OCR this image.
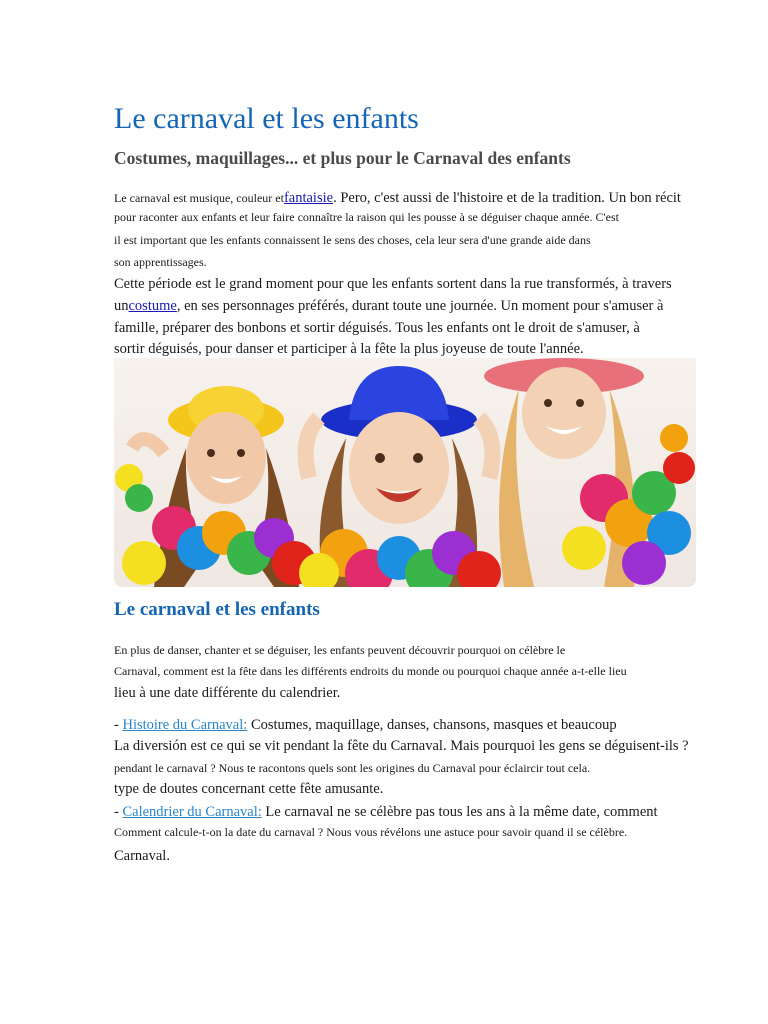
Le carnaval et les enfants
Costumes, maquillages... et plus pour le Carnaval des enfants
Le carnaval est musique, couleur etfantaisie. Pero, c'est aussi de l'histoire et de la tradition. Un bon récit
pour raconter aux enfants et leur faire connaître la raison qui les pousse à se déguiser chaque année. C'est
il est important que les enfants connaissent le sens des choses, cela leur sera d'une grande aide dans
son apprentissages.
Cette période est le grand moment pour que les enfants sortent dans la rue transformés, à travers
uncostume, en ses personnages préférés, durant toute une journée. Un moment pour s'amuser à
famille, préparer des bonbons et sortir déguisés. Tous les enfants ont le droit de s'amuser, à
sortir déguisés, pour danser et participer à la fête la plus joyeuse de toute l'année.
Le carnaval et les enfants
En plus de danser, chanter et se déguiser, les enfants peuvent découvrir pourquoi on célèbre le
Carnaval, comment est la fête dans les différents endroits du monde ou pourquoi chaque année a-t-elle lieu
lieu à une date différente du calendrier.
- Histoire du Carnaval: Costumes, maquillage, danses, chansons, masques et beaucoup
La diversión est ce qui se vit pendant la fête du Carnaval. Mais pourquoi les gens se déguisent-ils ?
pendant le carnaval ? Nous te racontons quels sont les origines du Carnaval pour éclaircir tout cela.
type de doutes concernant cette fête amusante.
- Calendrier du Carnaval: Le carnaval ne se célèbre pas tous les ans à la même date, comment
Comment calcule-t-on la date du carnaval ? Nous vous révélons une astuce pour savoir quand il se célèbre.
Carnaval.
